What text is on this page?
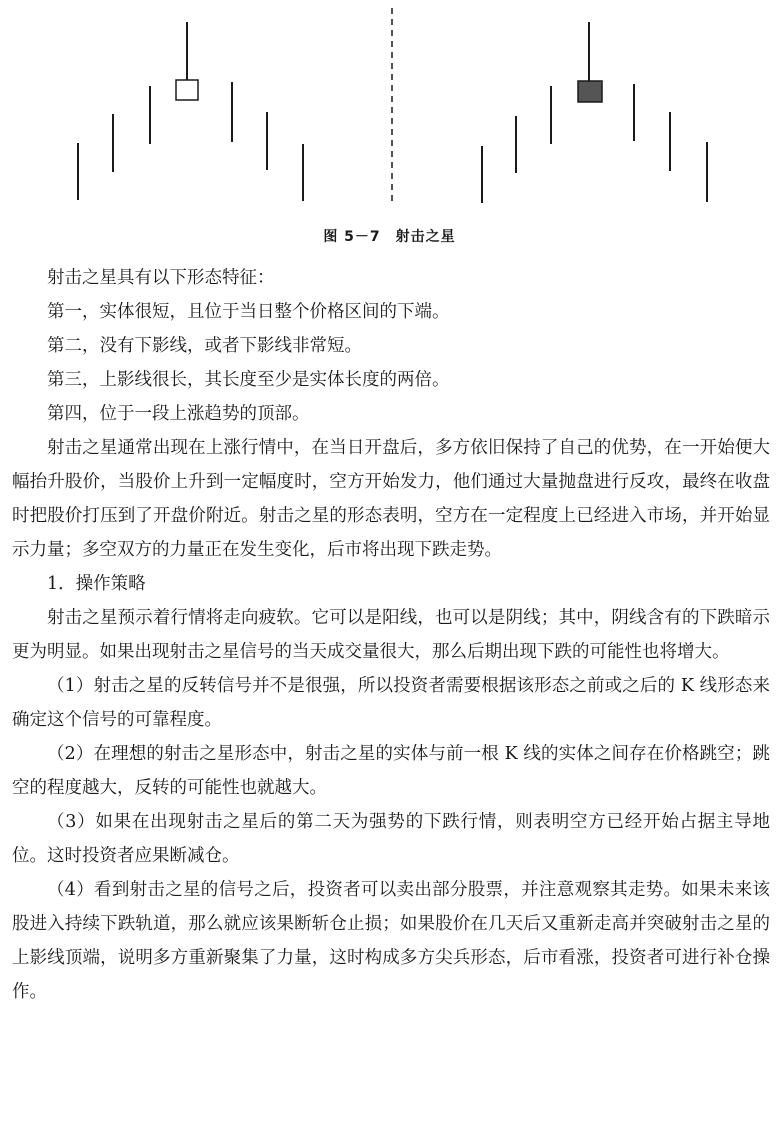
图 5－7　射击之星

射击之星具有以下形态特征：

第一，实体很短，且位于当日整个价格区间的下端。

第二，没有下影线，或者下影线非常短。

第三，上影线很长，其长度至少是实体长度的两倍。

第四，位于一段上涨趋势的顶部。

射击之星通常出现在上涨行情中，在当日开盘后，多方依旧保持了自己的优势，在一开始便大幅抬升股价，当股价上升到一定幅度时，空方开始发力，他们通过大量抛盘进行反攻，最终在收盘时把股价打压到了开盘价附近。射击之星的形态表明，空方在一定程度上已经进入市场，并开始显示力量；多空双方的力量正在发生变化，后市将出现下跌走势。

1．操作策略

射击之星预示着行情将走向疲软。它可以是阳线，也可以是阴线；其中，阴线含有的下跌暗示更为明显。如果出现射击之星信号的当天成交量很大，那么后期出现下跌的可能性也将增大。

（1）射击之星的反转信号并不是很强，所以投资者需要根据该形态之前或之后的 K 线形态来确定这个信号的可靠程度。

（2）在理想的射击之星形态中，射击之星的实体与前一根 K 线的实体之间存在价格跳空；跳空的程度越大，反转的可能性也就越大。

（3）如果在出现射击之星后的第二天为强势的下跌行情，则表明空方已经开始占据主导地位。这时投资者应果断减仓。

（4）看到射击之星的信号之后，投资者可以卖出部分股票，并注意观察其走势。如果未来该股进入持续下跌轨道，那么就应该果断斩仓止损；如果股价在几天后又重新走高并突破射击之星的上影线顶端，说明多方重新聚集了力量，这时构成多方尖兵形态，后市看涨，投资者可进行补仓操作。
